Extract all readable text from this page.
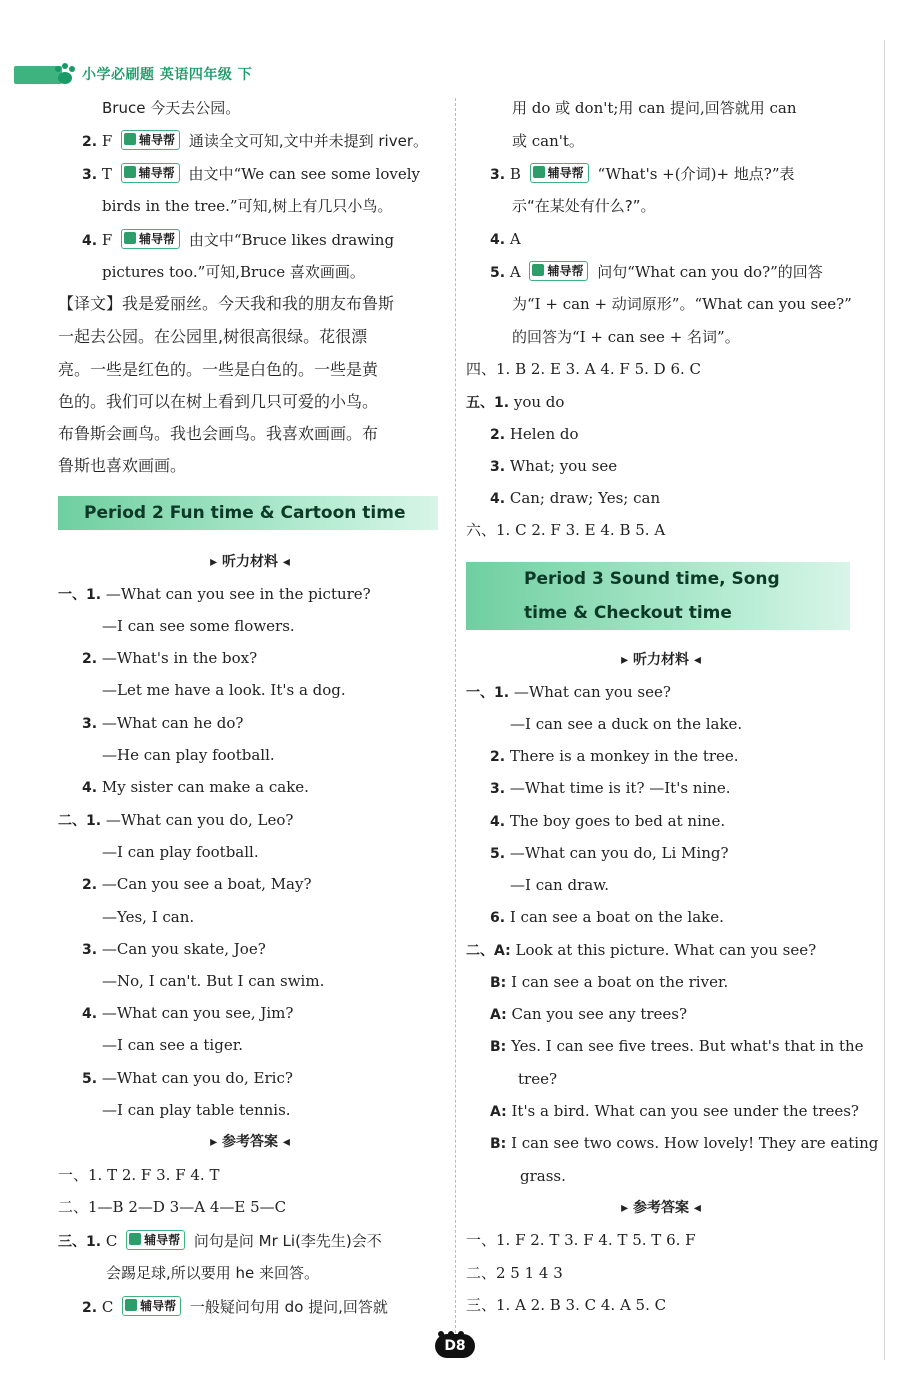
小学必刷题 英语四年级 下
Bruce 今天去公园。
2. F 辅导帮 通读全文可知,文中并未提到 river。
3. T 辅导帮 由文中“We can see some lovely
birds in the tree.”可知,树上有几只小鸟。
4. F 辅导帮 由文中“Bruce likes drawing
pictures too.”可知,Bruce 喜欢画画。
【译文】我是爱丽丝。今天我和我的朋友布鲁斯
一起去公园。在公园里,树很高很绿。花很漂
亮。一些是红色的。一些是白色的。一些是黄
色的。我们可以在树上看到几只可爱的小鸟。
布鲁斯会画鸟。我也会画鸟。我喜欢画画。布
鲁斯也喜欢画画。
Period 2 Fun time & Cartoon time
▸ 听力材料 ◂
一、1. —What can you see in the picture?
—I can see some flowers.
2. —What's in the box?
—Let me have a look. It's a dog.
3. —What can he do?
—He can play football.
4. My sister can make a cake.
二、1. —What can you do, Leo?
—I can play football.
2. —Can you see a boat, May?
—Yes, I can.
3. —Can you skate, Joe?
—No, I can't. But I can swim.
4. —What can you see, Jim?
—I can see a tiger.
5. —What can you do, Eric?
—I can play table tennis.
▸ 参考答案 ◂
一、1. T 2. F 3. F 4. T
二、1—B 2—D 3—A 4—E 5—C
三、1. C 辅导帮 问句是问 Mr Li(李先生)会不
会踢足球,所以要用 he 来回答。
2. C 辅导帮 一般疑问句用 do 提问,回答就
用 do 或 don't;用 can 提问,回答就用 can
或 can't。
3. B 辅导帮 “What's +(介词)+ 地点?”表
示“在某处有什么?”。
4. A
5. A 辅导帮 问句“What can you do?”的回答
为“I + can + 动词原形”。“What can you see?”
的回答为“I + can see + 名词”。
四、1. B 2. E 3. A 4. F 5. D 6. C
五、1. you do
2. Helen do
3. What; you see
4. Can; draw; Yes; can
六、1. C 2. F 3. E 4. B 5. A
Period 3 Sound time, Song
time & Checkout time
▸ 听力材料 ◂
一、1. —What can you see?
—I can see a duck on the lake.
2. There is a monkey in the tree.
3. —What time is it? —It's nine.
4. The boy goes to bed at nine.
5. —What can you do, Li Ming?
—I can draw.
6. I can see a boat on the lake.
二、A: Look at this picture. What can you see?
B: I can see a boat on the river.
A: Can you see any trees?
B: Yes. I can see five trees. But what's that in the
tree?
A: It's a bird. What can you see under the trees?
B: I can see two cows. How lovely! They are eating
grass.
▸ 参考答案 ◂
一、1. F 2. T 3. F 4. T 5. T 6. F
二、2 5 1 4 3
三、1. A 2. B 3. C 4. A 5. C
D8
